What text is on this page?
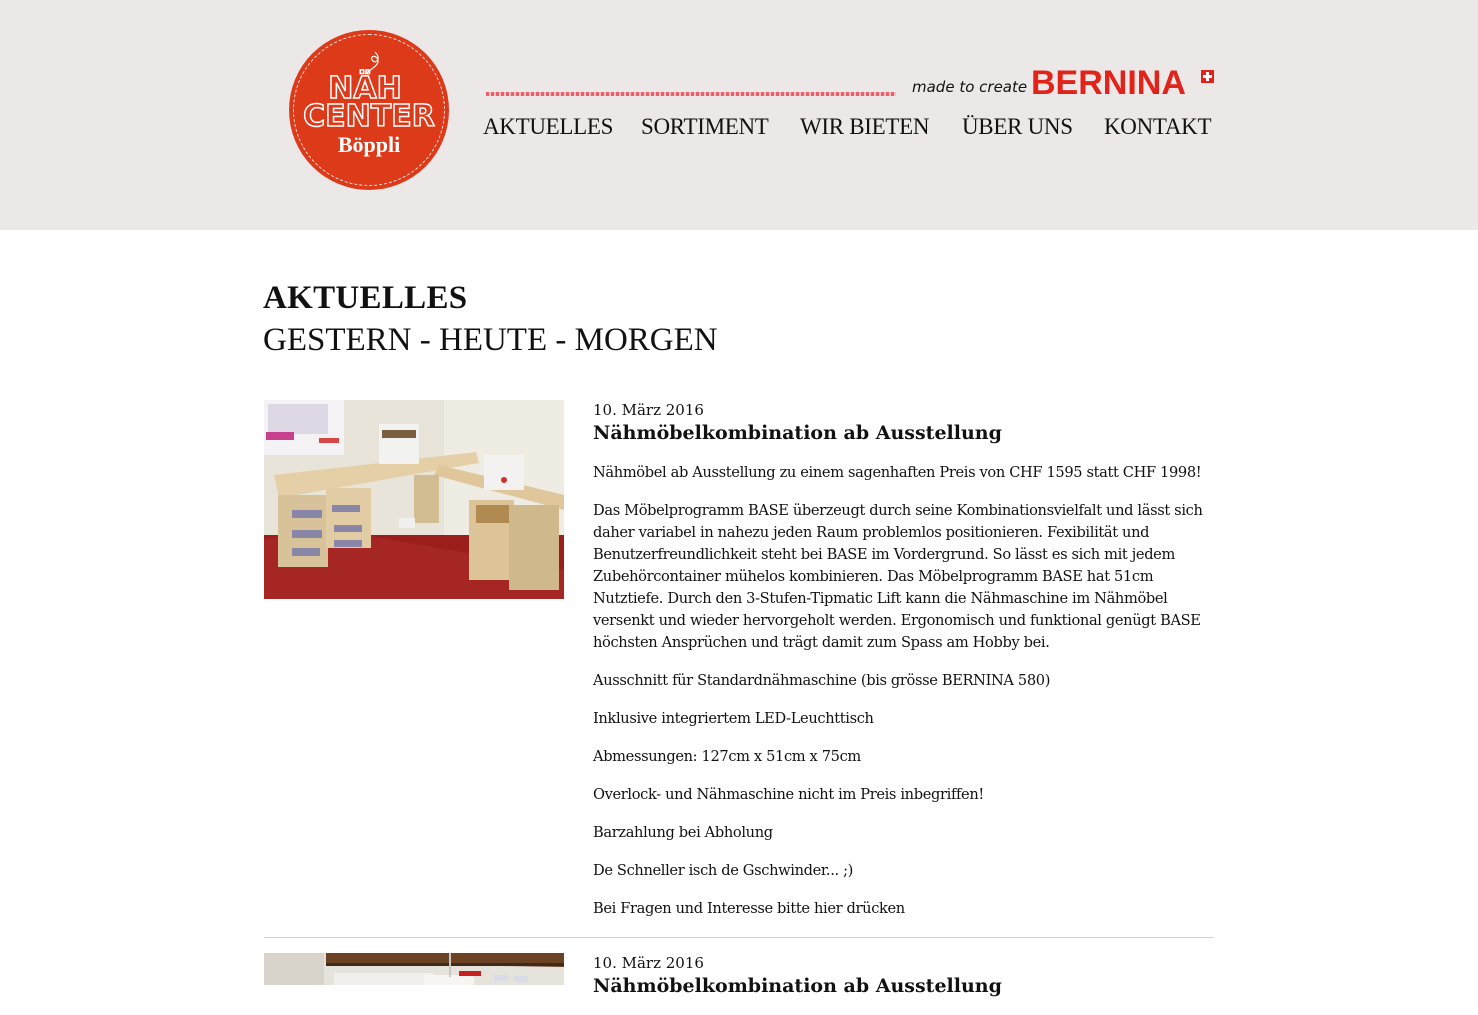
NÄH
CENTER
Böppli
made to create BERNINA
AKTUELLES SORTIMENT WIR BIETEN ÜBER UNS KONTAKT
AKTUELLES
GESTERN - HEUTE - MORGEN
10. März 2016
Nähmöbelkombination ab Ausstellung

Nähmöbel ab Ausstellung zu einem sagenhaften Preis von CHF 1595 statt CHF 1998!

Das Möbelprogramm BASE überzeugt durch seine Kombinationsvielfalt und lässt sich daher variabel in nahezu jeden Raum problemlos positionieren. Fexibilität und Benutzerfreundlichkeit steht bei BASE im Vordergrund. So lässt es sich mit jedem Zubehörcontainer mühelos kombinieren. Das Möbelprogramm BASE hat 51cm Nutztiefe. Durch den 3-Stufen-Tipmatic Lift kann die Nähmaschine im Nähmöbel versenkt und wieder hervorgeholt werden. Ergonomisch und funktional genügt BASE höchsten Ansprüchen und trägt damit zum Spass am Hobby bei.

Ausschnitt für Standardnähmaschine (bis grösse BERNINA 580)

Inklusive integriertem LED-Leuchttisch

Abmessungen: 127cm x 51cm x 75cm

Overlock- und Nähmaschine nicht im Preis inbegriffen!

Barzahlung bei Abholung

De Schneller isch de Gschwinder... ;)

Bei Fragen und Interesse bitte hier drücken

10. März 2016
Nähmöbelkombination ab Ausstellung
